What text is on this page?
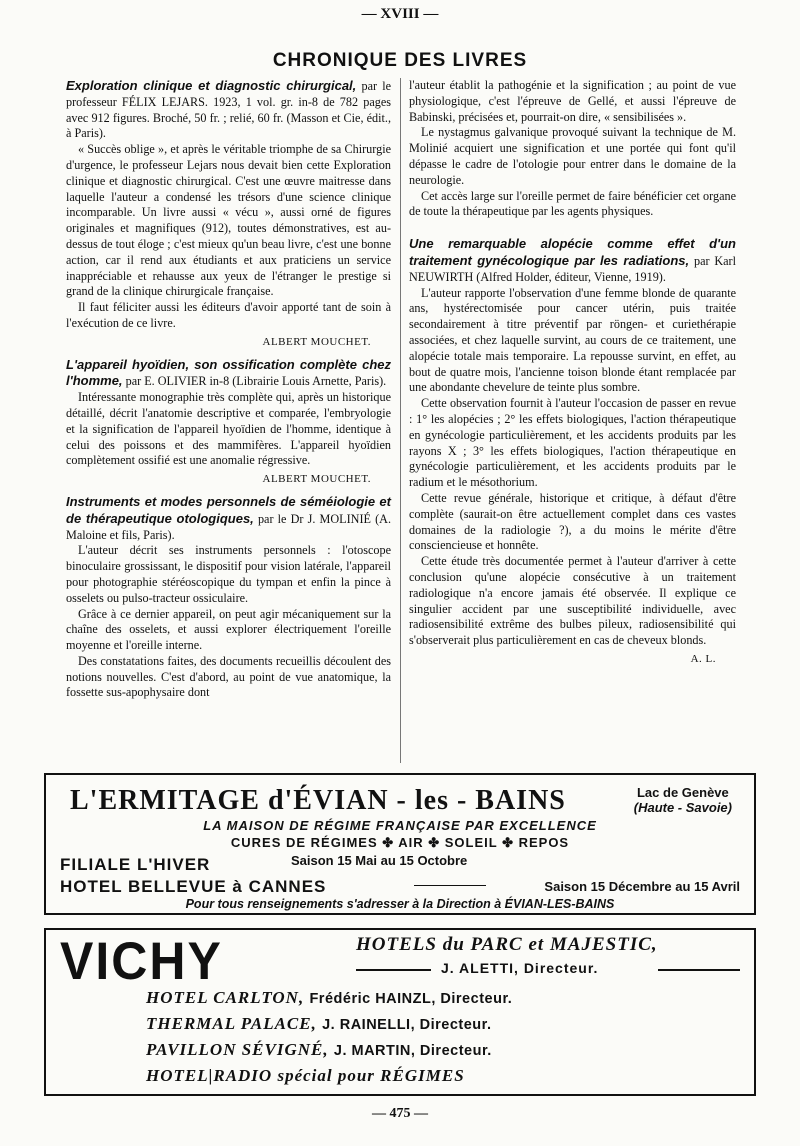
— XVIII —
CHRONIQUE DES LIVRES

Exploration clinique et diagnostic chirurgical, par le professeur FÉLIX LEJARS. 1923, 1 vol. gr. in-8 de 782 pages avec 912 figures. Broché, 50 fr. ; relié, 60 fr. (Masson et Cie, édit., à Paris).

« Succès oblige », et après le véritable triomphe de sa Chirurgie d'urgence, le professeur Lejars nous devait bien cette Exploration clinique et diagnostic chirurgical. C'est une œuvre maitresse dans laquelle l'auteur a condensé les trésors d'une science clinique incomparable. Un livre aussi « vécu », aussi orné de figures originales et magnifiques (912), toutes démonstratives, est au-dessus de tout éloge ; c'est mieux qu'un beau livre, c'est une bonne action, car il rend aux étudiants et aux praticiens un service inappréciable et rehausse aux yeux de l'étranger le prestige si grand de la clinique chirurgicale française.

Il faut féliciter aussi les éditeurs d'avoir apporté tant de soin à l'exécution de ce livre.

ALBERT MOUCHET.

L'appareil hyoïdien, son ossification complète chez l'homme, par E. OLIVIER in-8 (Librairie Louis Arnette, Paris).

Intéressante monographie très complète qui, après un historique détaillé, décrit l'anatomie descriptive et comparée, l'embryologie et la signification de l'appareil hyoïdien de l'homme, identique à celui des poissons et des mammifères. L'appareil hyoïdien complètement ossifié est une anomalie régressive.

ALBERT MOUCHET.

Instruments et modes personnels de séméiologie et de thérapeutique otologiques, par le Dr J. MOLINIÉ (A. Maloine et fils, Paris).

L'auteur décrit ses instruments personnels : l'otoscope binoculaire grossissant, le dispositif pour vision latérale, l'appareil pour photographie stéréoscopique du tympan et enfin la pince à osselets ou pulso-tracteur ossiculaire.

Grâce à ce dernier appareil, on peut agir mécaniquement sur la chaîne des osselets, et aussi explorer électriquement l'oreille moyenne et l'oreille interne.

Des constatations faites, des documents recueillis découlent des notions nouvelles. C'est d'abord, au point de vue anatomique, la fossette sus-apophysaire dont

l'auteur établit la pathogénie et la signification ; au point de vue physiologique, c'est l'épreuve de Gellé, et aussi l'épreuve de Babinski, précisées et, pourrait-on dire, « sensibilisées ».

Le nystagmus galvanique provoqué suivant la technique de M. Molinié acquiert une signification et une portée qui font qu'il dépasse le cadre de l'otologie pour entrer dans le domaine de la neurologie.

Cet accès large sur l'oreille permet de faire bénéficier cet organe de toute la thérapeutique par les agents physiques.

Une remarquable alopécie comme effet d'un traitement gynécologique par les radiations, par Karl NEUWIRTH (Alfred Holder, éditeur, Vienne, 1919).

L'auteur rapporte l'observation d'une femme blonde de quarante ans, hystérectomisée pour cancer utérin, puis traitée secondairement à titre préventif par röngen- et curiethérapie associées, et chez laquelle survint, au cours de ce traitement, une alopécie totale mais temporaire. La repousse survint, en effet, au bout de quatre mois, l'ancienne toison blonde étant remplacée par une abondante chevelure de teinte plus sombre.

Cette observation fournit à l'auteur l'occasion de passer en revue : 1° les alopécies ; 2° les effets biologiques, l'action thérapeutique en gynécologie particulièrement, et les accidents produits par les rayons X ; 3° les effets biologiques, l'action thérapeutique en gynécologie particulièrement, et les accidents produits par le radium et le mésothorium.

Cette revue générale, historique et critique, à défaut d'être complète (saurait-on être actuellement complet dans ces vastes domaines de la radiologie ?), a du moins le mérite d'être consciencieuse et honnête.

Cette étude très documentée permet à l'auteur d'arriver à cette conclusion qu'une alopécie consécutive à un traitement radiologique n'a encore jamais été observée. Il explique ce singulier accident par une susceptibilité individuelle, avec radiosensibilité extrême des bulbes pileux, radiosensibilité qui s'observerait plus particulièrement en cas de cheveux blonds.

A. L.
L'ERMITAGE d'ÉVIAN - les - BAINS	Lac de Genève
(Haute - Savoie)
LA MAISON DE RÉGIME FRANÇAISE PAR EXCELLENCE
CURES DE RÉGIMES ✤ AIR ✤ SOLEIL ✤ REPOS
FILIALE L'HIVER	Saison 15 Mai au 15 Octobre
HOTEL BELLEVUE à CANNES	Saison 15 Décembre au 15 Avril
Pour tous renseignements s'adresser à la Direction à ÉVIAN-LES-BAINS
VICHY	HOTELS du PARC et MAJESTIC,
J. ALETTI, Directeur.
HOTEL CARLTON, Frédéric HAINZL, Directeur.
THERMAL PALACE, J. RAINELLI, Directeur.
PAVILLON SÉVIGNÉ, J. MARTIN, Directeur.
HOTEL|RADIO spécial pour RÉGIMES
— 475 —
